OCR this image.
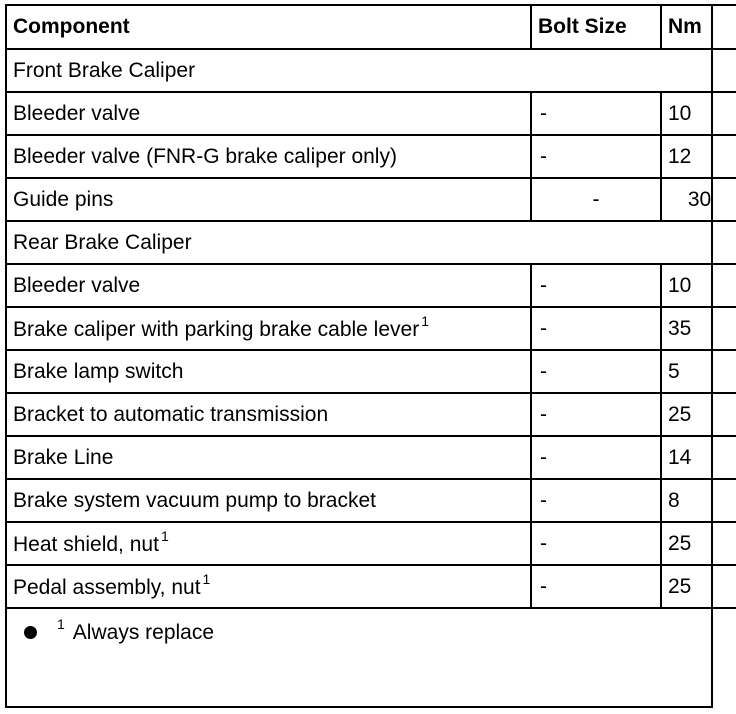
Component	Bolt Size	Nm
Front Brake Caliper		
Bleeder valve	-	10
Bleeder valve (FNR-G brake caliper only)	-	12
Guide pins	-	30
Rear Brake Caliper		
Bleeder valve	-	10
Brake caliper with parking brake cable lever $^1$	-	35
Brake lamp switch	-	5
Bracket to automatic transmission	-	25
Brake Line	-	14
Brake system vacuum pump to bracket	-	8
Heat shield, nut $^1$	-	25
Pedal assembly, nut $^1$	-	25
$^1$ Always replace
